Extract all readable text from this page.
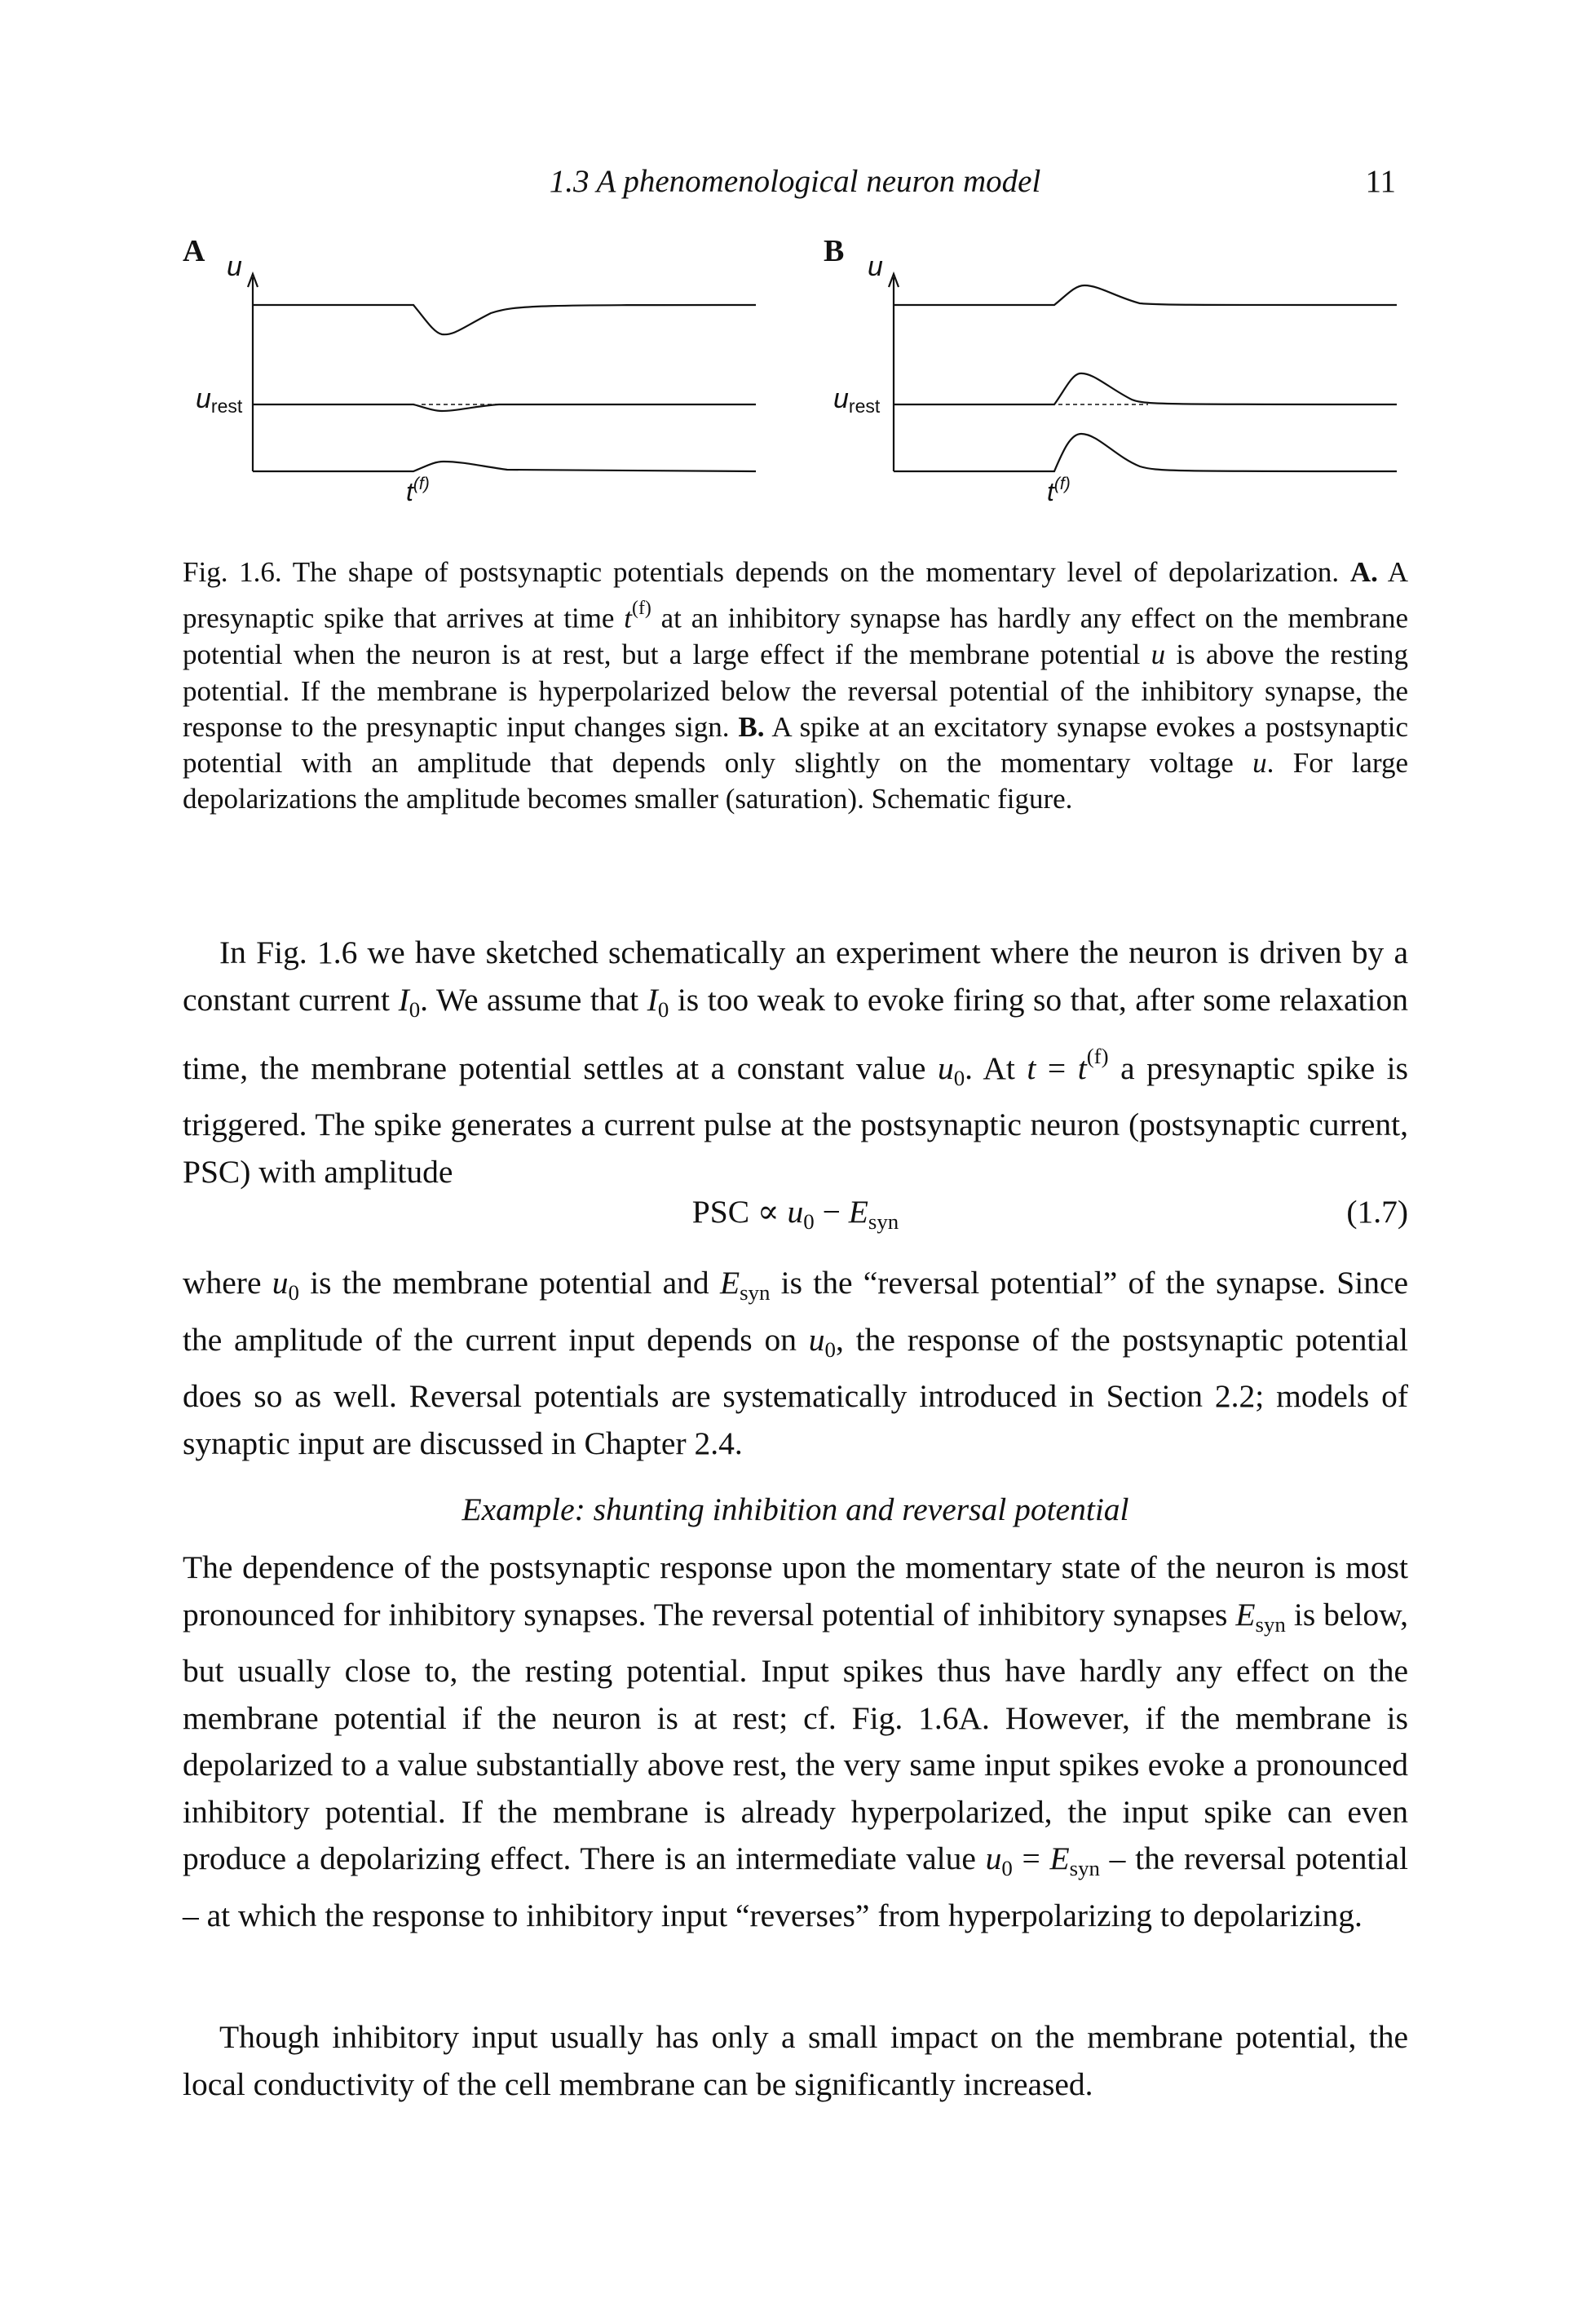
1.3 A phenomenological neuron model	11
A u
$u_{rest}$
$t^{(f)}$
B u
$u_{rest}$
$t^{(f)}$
Fig. 1.6. The shape of postsynaptic potentials depends on the momentary level of depolarization. A. A presynaptic spike that arrives at time $t^{(f)}$ at an inhibitory synapse has hardly any effect on the membrane potential when the neuron is at rest, but a large effect if the membrane potential u is above the resting potential. If the membrane is hyperpolarized below the reversal potential of the inhibitory synapse, the response to the presynaptic input changes sign. B. A spike at an excitatory synapse evokes a postsynaptic potential with an amplitude that depends only slightly on the momentary voltage u. For large depolarizations the amplitude becomes smaller (saturation). Schematic figure.
In Fig. 1.6 we have sketched schematically an experiment where the neuron is driven by a constant current $I_0$. We assume that $I_0$ is too weak to evoke firing so that, after some relaxation time, the membrane potential settles at a constant value $u_0$. At $t = t^{(f)}$ a presynaptic spike is triggered. The spike generates a current pulse at the postsynaptic neuron (postsynaptic current, PSC) with amplitude
PSC ∝ $u_0 - E_{syn}$	(1.7)
where $u_0$ is the membrane potential and $E_{syn}$ is the “reversal potential” of the synapse. Since the amplitude of the current input depends on $u_0$, the response of the postsynaptic potential does so as well. Reversal potentials are systematically introduced in Section 2.2; models of synaptic input are discussed in Chapter 2.4.
Example: shunting inhibition and reversal potential
The dependence of the postsynaptic response upon the momentary state of the neuron is most pronounced for inhibitory synapses. The reversal potential of inhibitory synapses $E_{syn}$ is below, but usually close to, the resting potential. Input spikes thus have hardly any effect on the membrane potential if the neuron is at rest; cf. Fig. 1.6A. However, if the membrane is depolarized to a value substantially above rest, the very same input spikes evoke a pronounced inhibitory potential. If the membrane is already hyperpolarized, the input spike can even produce a depolarizing effect. There is an intermediate value $u_0 = E_{syn}$ – the reversal potential – at which the response to inhibitory input “reverses” from hyperpolarizing to depolarizing.
Though inhibitory input usually has only a small impact on the membrane potential, the local conductivity of the cell membrane can be significantly increased.
